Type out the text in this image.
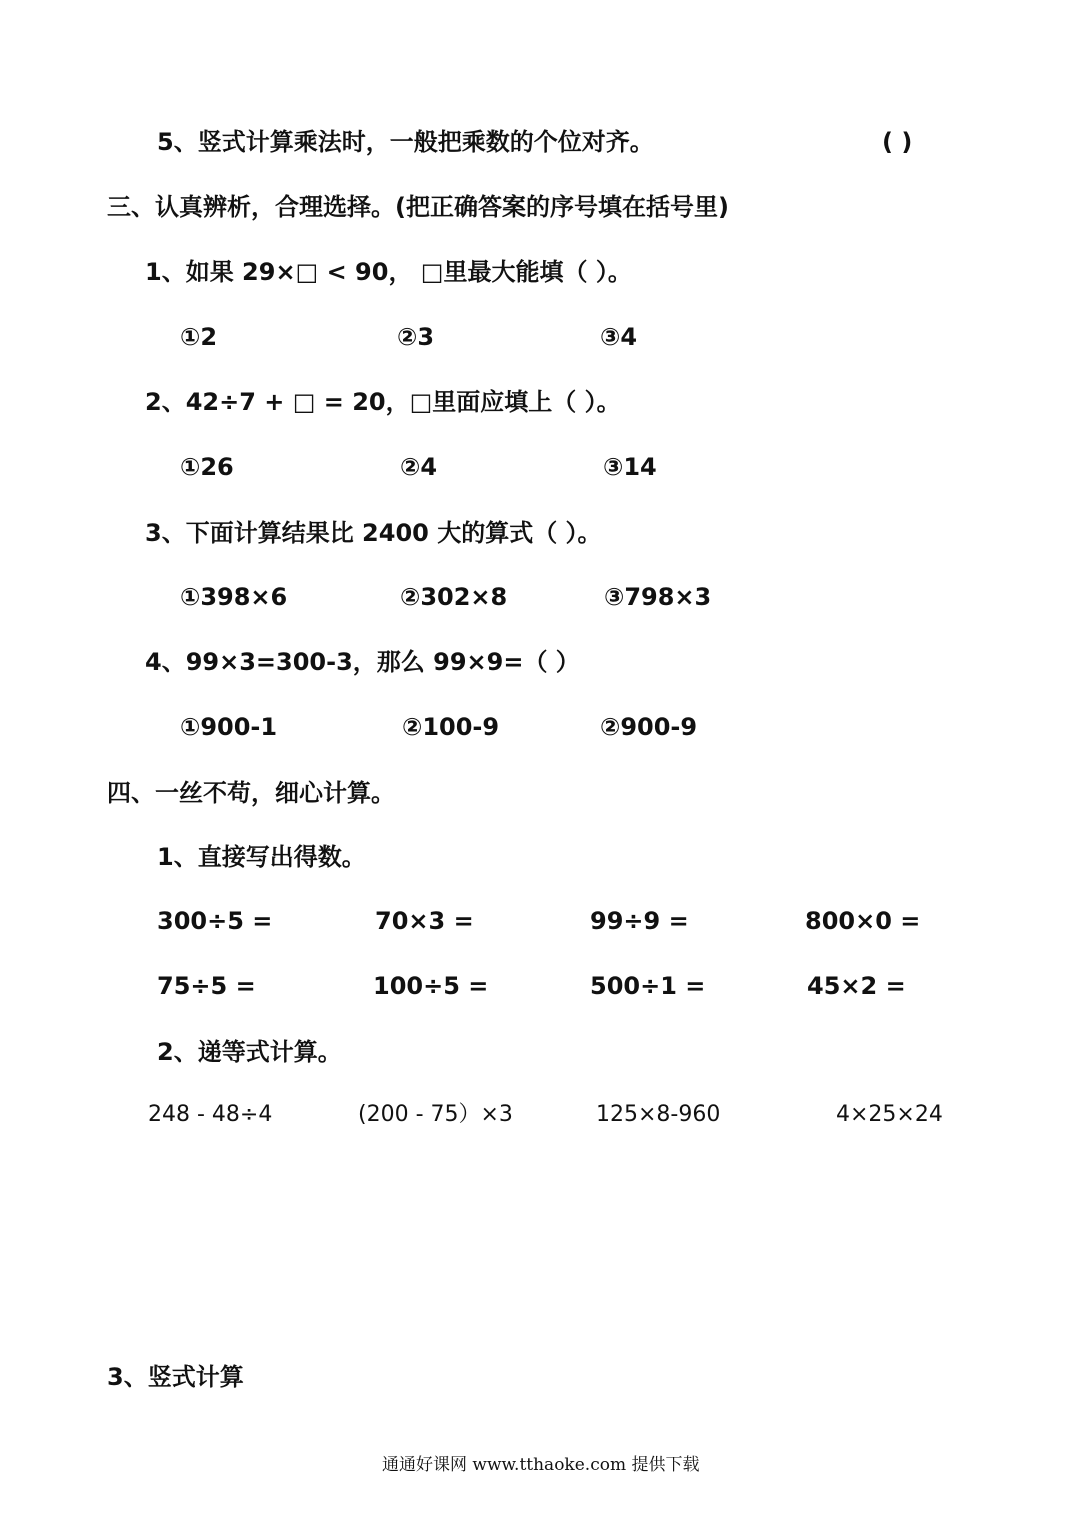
5、竖式计算乘法时，一般把乘数的个位对齐。	( )
三、认真辨析，合理选择。(把正确答案的序号填在括号里)
1、如果 29×□ < 90， □里最大能填（ ）。
①2	②3	③4
2、42÷7 + □ = 20，□里面应填上（ ）。
①26	②4	③14
3、下面计算结果比 2400 大的算式（ ）。
①398×6	②302×8	③798×3
4、99×3=300-3，那么 99×9=（ ）
①900-1	②100-9	②900-9
四、一丝不苟，细心计算。
1、直接写出得数。
300÷5 =	70×3 =	99÷9 =	800×0 =
75÷5 =	100÷5 =	500÷1 =	45×2 =
2、递等式计算。
248 - 48÷4	(200 - 75）×3	125×8-960	4×25×24
3、竖式计算
通通好课网 www.tthaoke.com 提供下载
